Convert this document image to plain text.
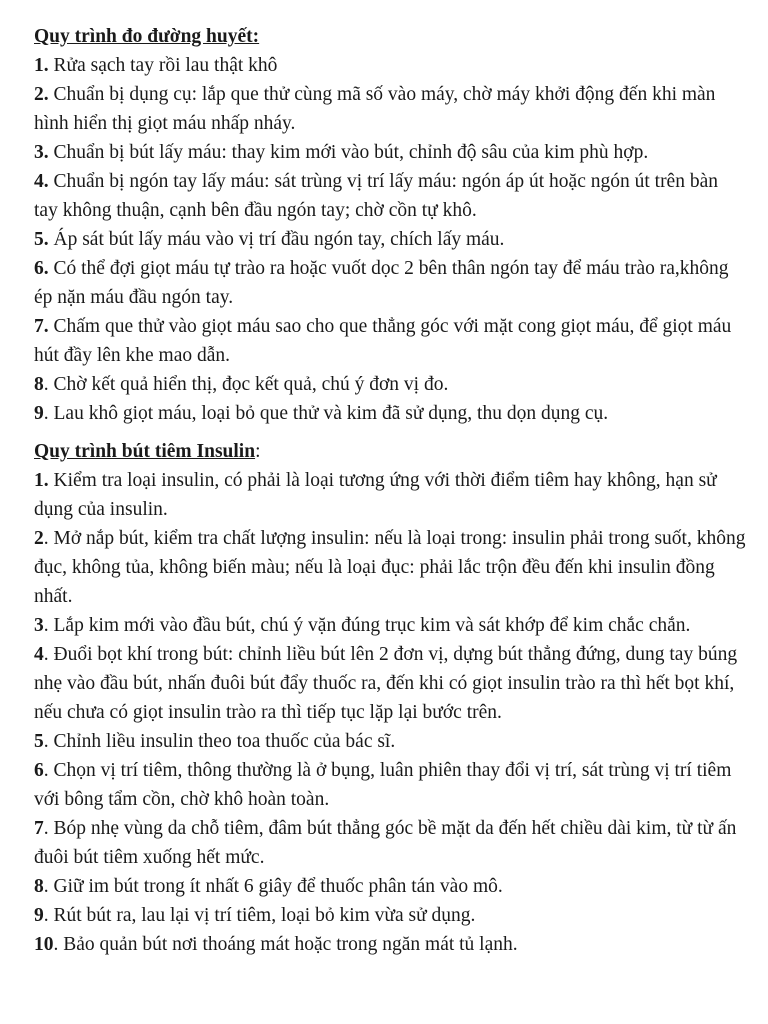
Quy trình đo đường huyết:

1. Rửa sạch tay rồi lau thật khô
2. Chuẩn bị dụng cụ: lắp que thử cùng mã số vào máy, chờ máy khởi động đến khi màn hình hiển thị giọt máu nhấp nháy.
3. Chuẩn bị bút lấy máu: thay kim mới vào bút, chỉnh độ sâu của kim phù hợp.
4. Chuẩn bị ngón tay lấy máu: sát trùng vị trí lấy máu: ngón áp út hoặc ngón út trên bàn tay không thuận, cạnh bên đầu ngón tay; chờ cồn tự khô.
5. Áp sát bút lấy máu vào vị trí đầu ngón tay, chích lấy máu.
6. Có thể đợi giọt máu tự trào ra hoặc vuốt dọc 2 bên thân ngón tay để máu trào ra,không ép nặn máu đầu ngón tay.
7. Chấm que thử vào giọt máu sao cho que thẳng góc với mặt cong giọt máu, để giọt máu hút đầy lên khe mao dẫn.
8. Chờ kết quả hiển thị, đọc kết quả, chú ý đơn vị đo.
9. Lau khô giọt máu, loại bỏ que thử và kim đã sử dụng, thu dọn dụng cụ.

Quy trình bút tiêm Insulin:

1. Kiểm tra loại insulin, có phải là loại tương ứng với thời điểm tiêm hay không, hạn sử dụng của insulin.
2. Mở nắp bút, kiểm tra chất lượng insulin: nếu là loại trong: insulin phải trong suốt, không đục, không tủa, không biến màu; nếu là loại đục: phải lắc trộn đều đến khi insulin đồng nhất.
3. Lắp kim mới vào đầu bút, chú ý vặn đúng trục kim và sát khớp để kim chắc chắn.
4. Đuổi bọt khí trong bút: chỉnh liều bút lên 2 đơn vị, dựng bút thẳng đứng, dung tay búng nhẹ vào đầu bút, nhấn đuôi bút đẩy thuốc ra, đến khi có giọt insulin trào ra thì hết bọt khí, nếu chưa có giọt insulin trào ra thì tiếp tục lặp lại bước trên.
5. Chỉnh liều insulin theo toa thuốc của bác sĩ.
6. Chọn vị trí tiêm, thông thường là ở bụng, luân phiên thay đổi vị trí, sát trùng vị trí tiêm với bông tẩm cồn, chờ khô hoàn toàn.
7. Bóp nhẹ vùng da chỗ tiêm, đâm bút thẳng góc bề mặt da đến hết chiều dài kim, từ từ ấn đuôi bút tiêm xuống hết mức.
8. Giữ im bút trong ít nhất 6 giây để thuốc phân tán vào mô.
9. Rút bút ra, lau lại vị trí tiêm, loại bỏ kim vừa sử dụng.
10. Bảo quản bút nơi thoáng mát hoặc trong ngăn mát tủ lạnh.
